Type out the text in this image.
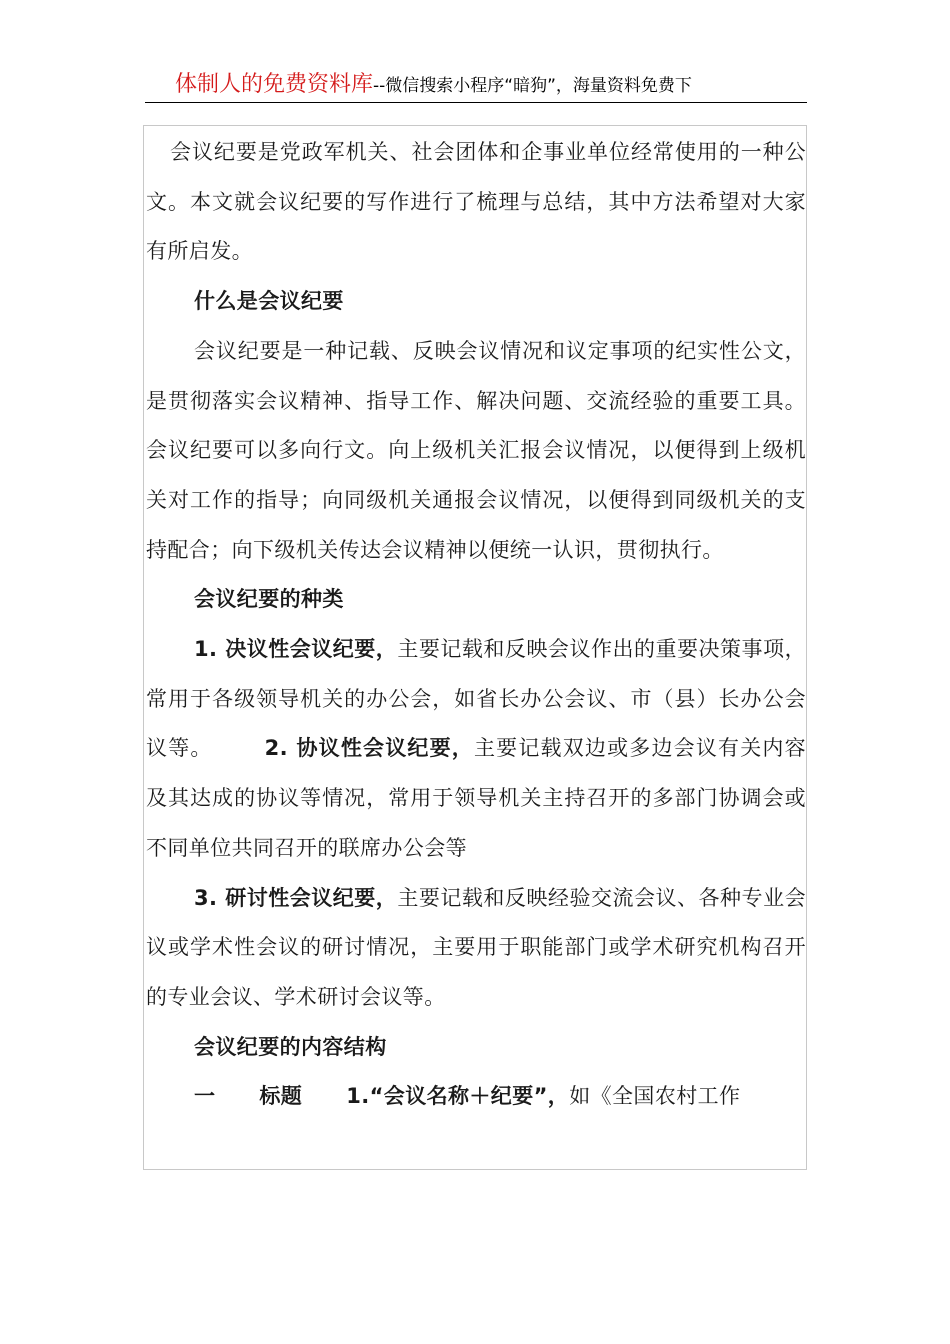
体制人的免费资料库--微信搜索小程序“暗狗”，海量资料免费下

会议纪要是党政军机关、社会团体和企事业单位经常使用的一种公文。本文就会议纪要的写作进行了梳理与总结，其中方法希望对大家有所启发。

什么是会议纪要

会议纪要是一种记载、反映会议情况和议定事项的纪实性公文，是贯彻落实会议精神、指导工作、解决问题、交流经验的重要工具。会议纪要可以多向行文。向上级机关汇报会议情况，以便得到上级机关对工作的指导；向同级机关通报会议情况，以便得到同级机关的支持配合；向下级机关传达会议精神以便统一认识，贯彻执行。

会议纪要的种类

1. 决议性会议纪要，主要记载和反映会议作出的重要决策事项，常用于各级领导机关的办公会，如省长办公会议、市（县）长办公会议等。 2. 协议性会议纪要，主要记载双边或多边会议有关内容及其达成的协议等情况，常用于领导机关主持召开的多部门协调会或不同单位共同召开的联席办公会等

3. 研讨性会议纪要，主要记载和反映经验交流会议、各种专业会议或学术性会议的研讨情况，主要用于职能部门或学术研究机构召开的专业会议、学术研讨会议等。

会议纪要的内容结构

一 标题 1.“会议名称＋纪要”，如《全国农村工作
